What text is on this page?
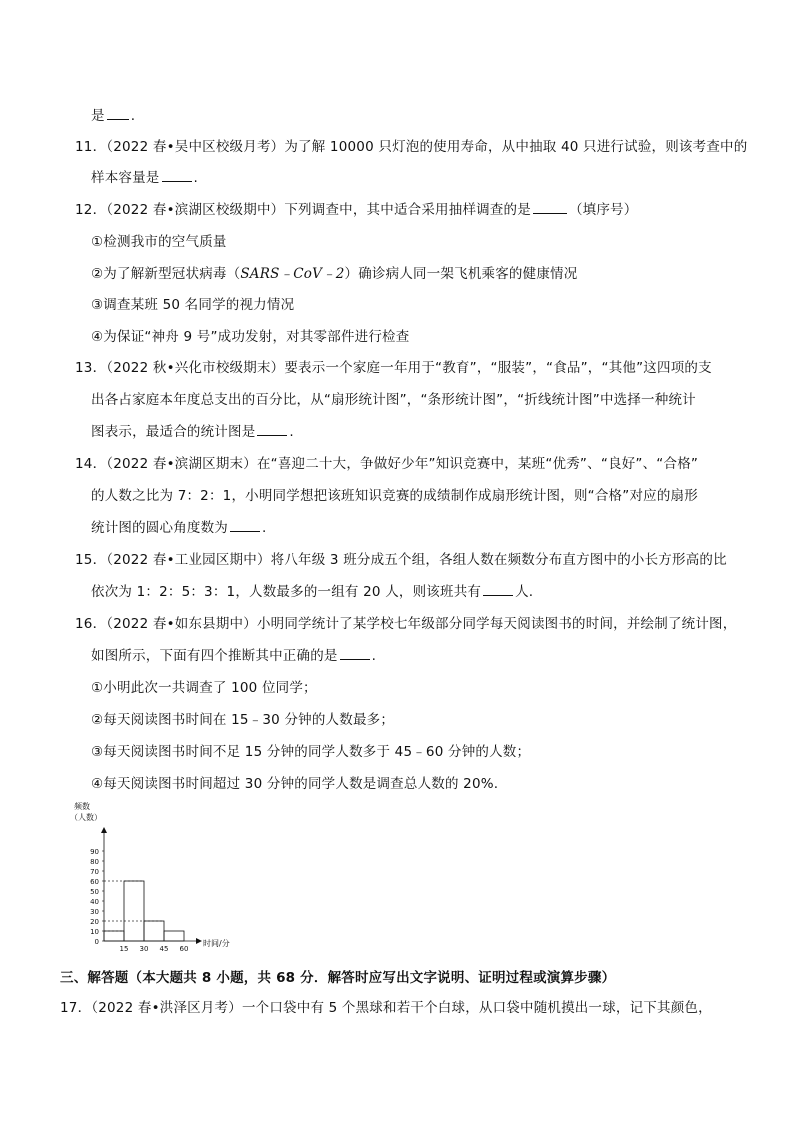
是 .
11．（2022 春•吴中区校级月考）为了解 10000 只灯泡的使用寿命，从中抽取 40 只进行试验，则该考查中的
样本容量是	.
12．（2022 春•滨湖区校级期中）下列调查中，其中适合采用抽样调查的是	（填序号）
①检测我市的空气质量
②为了解新型冠状病毒（SARS﹣CoV﹣2）确诊病人同一架飞机乘客的健康情况
③调查某班 50 名同学的视力情况
④为保证“神舟 9 号”成功发射，对其零部件进行检查
13．（2022 秋•兴化市校级期末）要表示一个家庭一年用于“教育”，“服装”，“食品”，“其他”这四项的支
出各占家庭本年度总支出的百分比，从“扇形统计图”，“条形统计图”，“折线统计图”中选择一种统计
图表示，最适合的统计图是	.
14．（2022 春•滨湖区期末）在“喜迎二十大，争做好少年”知识竞赛中，某班“优秀”、“良好”、“合格”
的人数之比为 7：2：1，小明同学想把该班知识竞赛的成绩制作成扇形统计图，则“合格”对应的扇形
统计图的圆心角度数为	.
15．（2022 春•工业园区期中）将八年级 3 班分成五个组，各组人数在频数分布直方图中的小长方形高的比
依次为 1：2：5：3：1，人数最多的一组有 20 人，则该班共有	人.
16．（2022 春•如东县期中）小明同学统计了某学校七年级部分同学每天阅读图书的时间，并绘制了统计图，
如图所示，下面有四个推断其中正确的是	.
①小明此次一共调查了 100 位同学；
②每天阅读图书时间在 15﹣30 分钟的人数最多；
③每天阅读图书时间不足 15 分钟的同学人数多于 45﹣60 分钟的人数；
④每天阅读图书时间超过 30 分钟的同学人数是调查总人数的 20%.
频数
（人数）
0
10
20
30
40
50
60
70
80
90
15 30 45 60
时间/分
三、解答题（本大题共 8 小题，共 68 分．解答时应写出文字说明、证明过程或演算步骤）
17．（2022 春•洪泽区月考）一个口袋中有 5 个黑球和若干个白球，从口袋中随机摸出一球，记下其颜色，
